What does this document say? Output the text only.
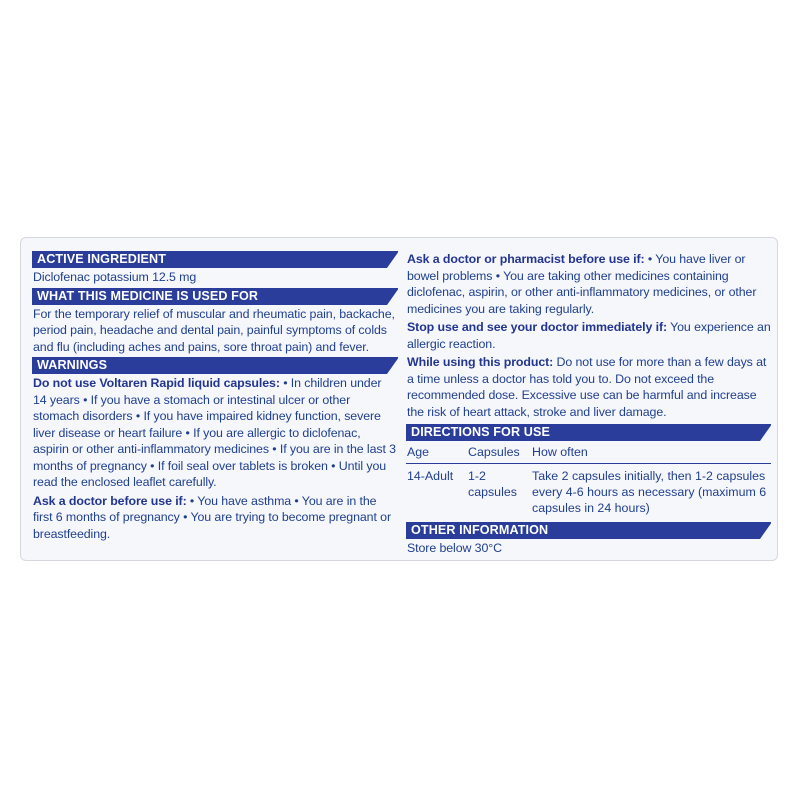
ACTIVE INGREDIENT

Diclofenac potassium 12.5 mg

WHAT THIS MEDICINE IS USED FOR

For the temporary relief of muscular and rheumatic pain, backache, period pain, headache and dental pain, painful symptoms of colds and flu (including aches and pains, sore throat pain) and fever.

WARNINGS

Do not use Voltaren Rapid liquid capsules: • In children under 14 years • If you have a stomach or intestinal ulcer or other stomach disorders • If you have impaired kidney function, severe liver disease or heart failure • If you are allergic to diclofenac, aspirin or other anti-inflammatory medicines • If you are in the last 3 months of pregnancy • If foil seal over tablets is broken • Until you read the enclosed leaflet carefully.

Ask a doctor before use if: • You have asthma • You are in the first 6 months of pregnancy • You are trying to become pregnant or breastfeeding.

Ask a doctor or pharmacist before use if: • You have liver or bowel problems • You are taking other medicines containing diclofenac, aspirin, or other anti-inflammatory medicines, or other medicines you are taking regularly.

Stop use and see your doctor immediately if: You experience an allergic reaction.

While using this product: Do not use for more than a few days at a time unless a doctor has told you to. Do not exceed the recommended dose. Excessive use can be harmful and increase the risk of heart attack, stroke and liver damage.

DIRECTIONS FOR USE
Age	Capsules	How often
14-Adult	1-2 capsules	Take 2 capsules initially, then 1-2 capsules every 4-6 hours as necessary (maximum 6 capsules in 24 hours)
OTHER INFORMATION

Store below 30°C
